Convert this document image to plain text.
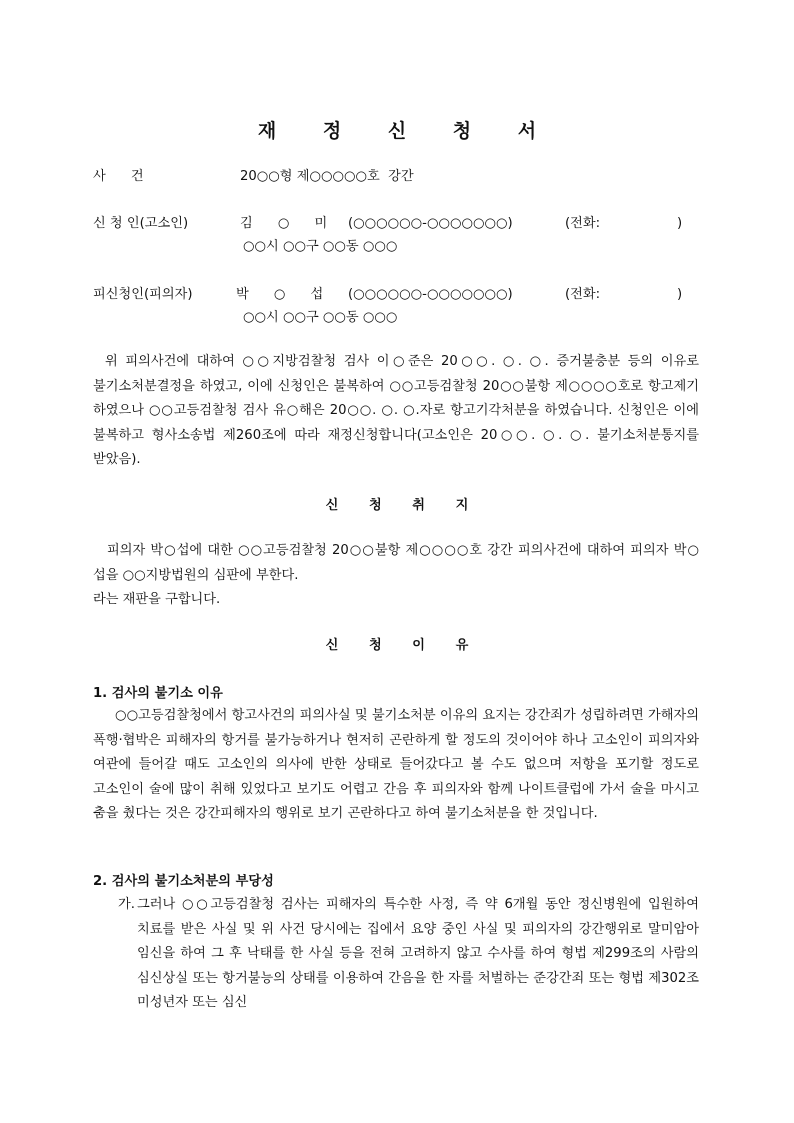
재 정 신 청 서
사      건	20○○형 제○○○○○호  강간
신 청 인(고소인)	김      ○      미 (○○○○○○-○○○○○○○)	(전화:	)
○○시 ○○구 ○○동 ○○○
피신청인(피의자)	박      ○      섭 (○○○○○○-○○○○○○○)	(전화:	)
○○시 ○○구 ○○동 ○○○
위 피의사건에 대하여 ○○지방검찰청 검사 이○준은 20○○. ○. ○. 증거불충분 등의 이유로 불기소처분결정을 하였고, 이에 신청인은 불복하여 ○○고등검찰청 20○○불항 제○○○○호로 항고제기 하였으나 ○○고등검찰청 검사 유○해은 20○○. ○. ○.자로 항고기각처분을 하였습니다. 신청인은 이에 불복하고 형사소송법 제260조에 따라 재정신청합니다(고소인은 20○○. ○. ○. 불기소처분통지를 받았음).
신 청 취 지
피의자 박○섭에 대한 ○○고등검찰청 20○○불항 제○○○○호 강간 피의사건에 대하여 피의자 박○섭을 ○○지방법원의 심판에 부한다.
라는 재판을 구합니다.
신 청 이 유
1. 검사의 불기소 이유
○○고등검찰청에서 항고사건의 피의사실 및 불기소처분 이유의 요지는 강간죄가 성립하려면 가해자의 폭행·협박은 피해자의 항거를 불가능하거나 현저히 곤란하게 할 정도의 것이어야 하나 고소인이 피의자와 여관에 들어갈 때도 고소인의 의사에 반한 상태로 들어갔다고 볼 수도 없으며 저항을 포기할 정도로 고소인이 술에 많이 취해 있었다고 보기도 어렵고 간음 후 피의자와 함께 나이트클럽에 가서 술을 마시고 춤을 췄다는 것은 강간피해자의 행위로 보기 곤란하다고 하여 불기소처분을 한 것입니다.
2. 검사의 불기소처분의 부당성
가. 그러나 ○○고등검찰청 검사는 피해자의 특수한 사정, 즉 약 6개월 동안 정신병원에 입원하여 치료를 받은 사실 및 위 사건 당시에는 집에서 요양 중인 사실 및 피의자의 강간행위로 말미암아 임신을 하여 그 후 낙태를 한 사실 등을 전혀 고려하지 않고 수사를 하여 형법 제299조의 사람의 심신상실 또는 항거불능의 상태를 이용하여 간음을 한 자를 처벌하는 준강간죄 또는 형법 제302조 미성년자 또는 심신
